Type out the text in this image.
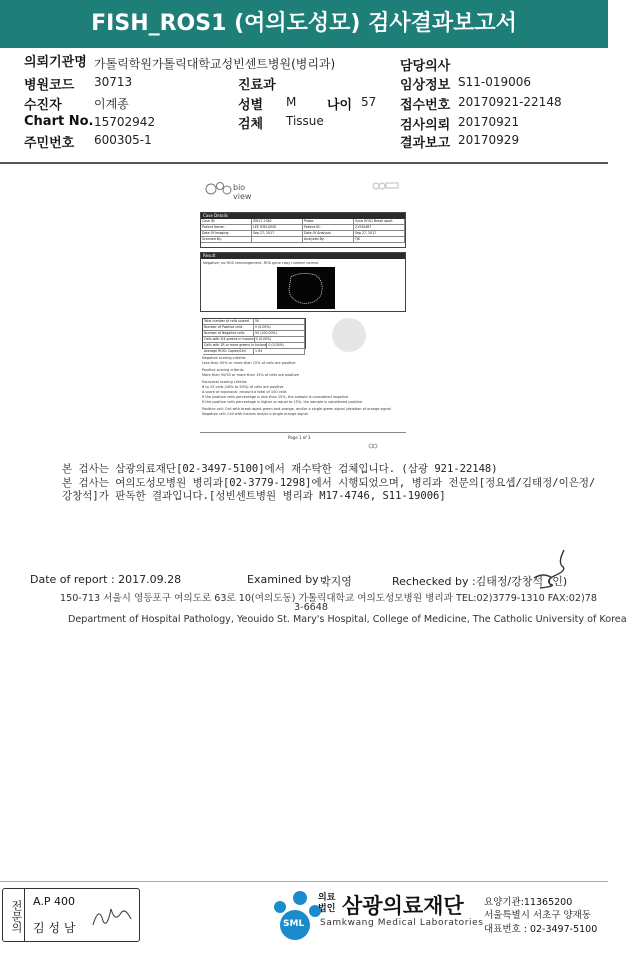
FISH_ROS1 (여의도성모) 검사결과보고서
의뢰기관명 가톨릭학원가톨릭대학교성빈센트병원(병리과)	담당의사
병원코드 30713	진료과	임상정보 S11-019006
수진자	이계종	성별 M 나이 57 접수번호 20170921-22148
Chart No. 15702942	검체 Tissue	검사의뢰 20170921
주민번호 600305-1	결과보고 20170929
bio view
Case Details
Case ID:	ZW17-2362	Probe:	Vysis ROS1 Break apart
Patient Name:	LEE GYELJONG	Patient ID:	21930487
Date Of Imaging:	Sep 27, 2017	Date Of Analysis:	Sep 27, 2017
Scanned By:	Analyzed By:	TJK
Result
Negative; no ROS rearrangement, ROS gene copy number normal
Total number of cells scored	50
Number of Positive cells	0 (0.00%)
Number of Negative cells	50 (100.00%)
Cells with 3/4 greens in fusions 0 (0.00%)
Cells with 1R or more greens in fusions 0 (0.00%)
Average ROS1 Copies/Cell	1.94
Negative scoring criteria:
Less than 50% or more than 15% of cells are positive
Positive scoring criteria:
More than 50/50 or more than 15% of cells are positive
Equivocal scoring criteria:
8 to 25 cells (16% to 50%) of cells are positive
A score of equivocal, recount a total of 100 cells
If the positive cells percentage is less than 15%, the sample is considered negative
If the positive cells percentage is higher or equal to 15%, the sample is considered positive
Positive cell: Cell with break apart green and orange, and/or a single green signal (deletion of orange signal
Negative cell: Cell with fusions and/or a single orange signal
Page 1 of 3
본 검사는 삼광의료재단[02-3497-5100]에서 재수탁한 검체입니다. (삼광 921-22148)
본 검사는 여의도성모병원 병리과[02-3779-1298]에서 시행되었으며, 병리과 전문의[정요셉/김태정/이은정/
강창석]가 판독한 결과입니다.[성빈센트병원 병리과 M17-4746, S11-19006]
Date of report : 2017.09.28	Examined by :
박지영	Rechecked by :김태정/강창석 (인)
150-713 서울시 영등포구 여의도로 63로 10(여의도동) 가톨릭대학교 여의도성모병원 병리과 TEL:02)3779-1310 FAX:02)78
3-6648
Department of Hospital Pathology, Yeouido St. Mary's Hospital, College of Medicine, The Catholic University of Korea
전문의 A.P 400
김 성 남	SML
의료
법인 삼광의료재단
Samkwang Medical Laboratories
요양기관:11365200
서울특별시 서초구 양재동
대표번호 : 02-3497-5100
